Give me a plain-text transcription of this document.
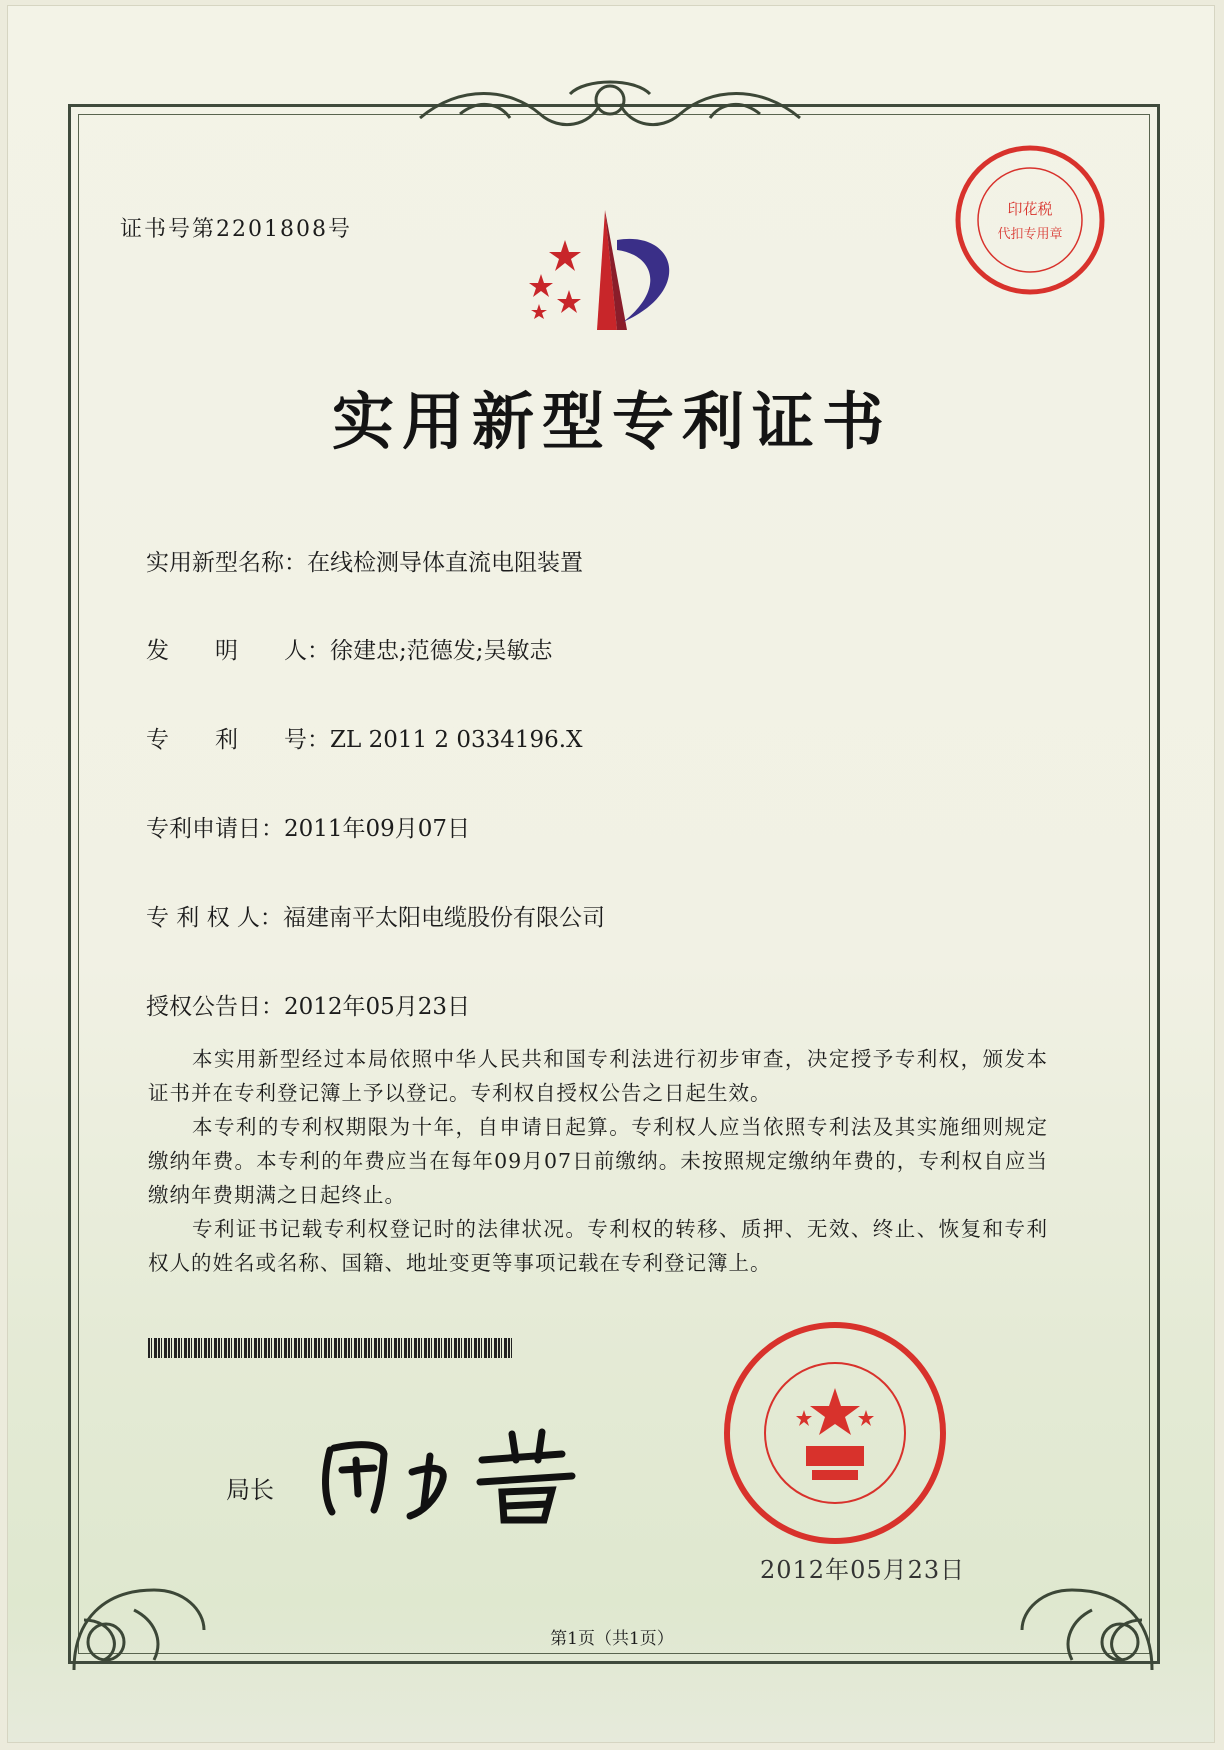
证书号第2201808号
印花税
代扣专用章
实用新型专利证书
实用新型名称：在线检测导体直流电阻装置
发　　明　　人：徐建忠;范德发;吴敏志
专　　利　　号：ZL 2011 2 0334196.X
专利申请日：2011年09月07日
专 利 权 人：福建南平太阳电缆股份有限公司
授权公告日：2012年05月23日

本实用新型经过本局依照中华人民共和国专利法进行初步审查，决定授予专利权，颁发本证书并在专利登记簿上予以登记。专利权自授权公告之日起生效。

本专利的专利权期限为十年，自申请日起算。专利权人应当依照专利法及其实施细则规定缴纳年费。本专利的年费应当在每年09月07日前缴纳。未按照规定缴纳年费的，专利权自应当缴纳年费期满之日起终止。

专利证书记载专利权登记时的法律状况。专利权的转移、质押、无效、终止、恢复和专利权人的姓名或名称、国籍、地址变更等事项记载在专利登记簿上。

局长
2012年05月23日
第1页（共1页）
